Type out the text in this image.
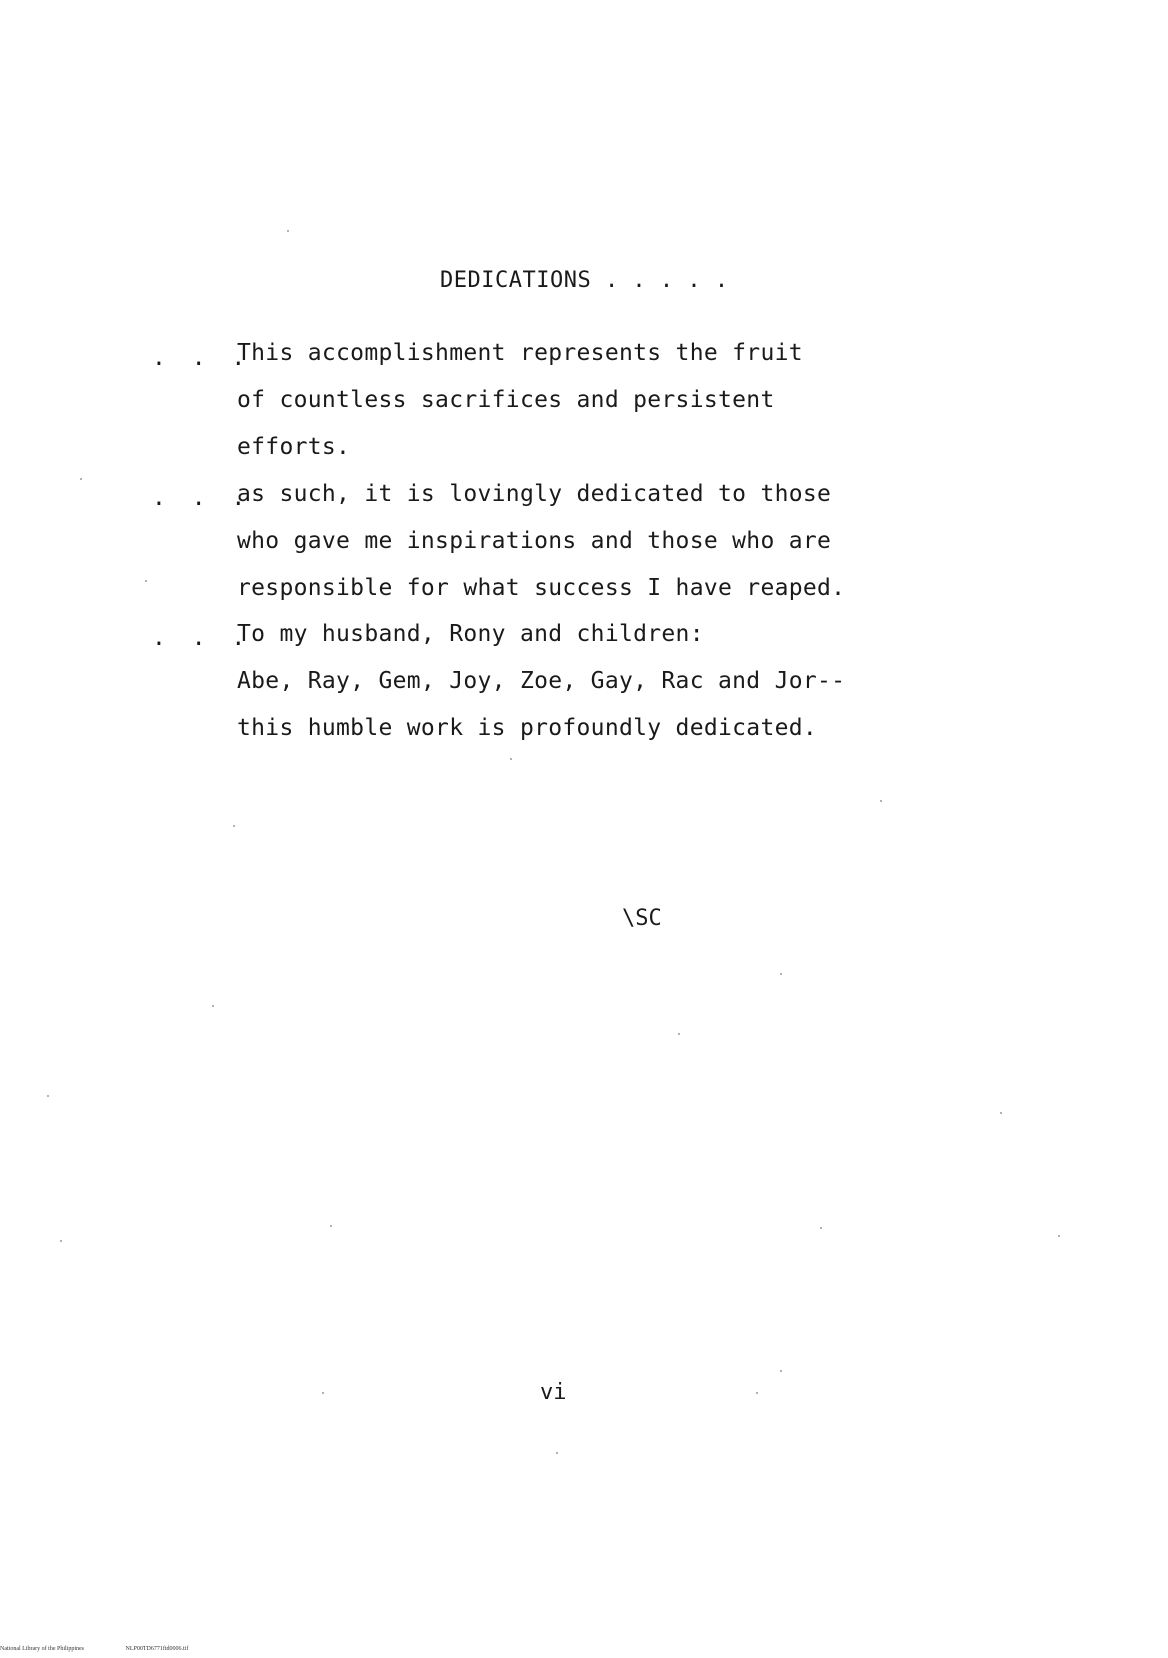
DEDICATIONS . . . . .
. . .
This accomplishment represents the fruit
of countless sacrifices and persistent
efforts.
. . .
as such, it is lovingly dedicated to those
who gave me inspirations and those who are
responsible for what success I have reaped.
. . .
To my husband, Rony and children:
Abe, Ray, Gem, Joy, Zoe, Gay, Rac and Jor--
this humble work is profoundly dedicated.
\SC
vi
National Library of the Philippines	NLP00TD6771ftd0006.tif
